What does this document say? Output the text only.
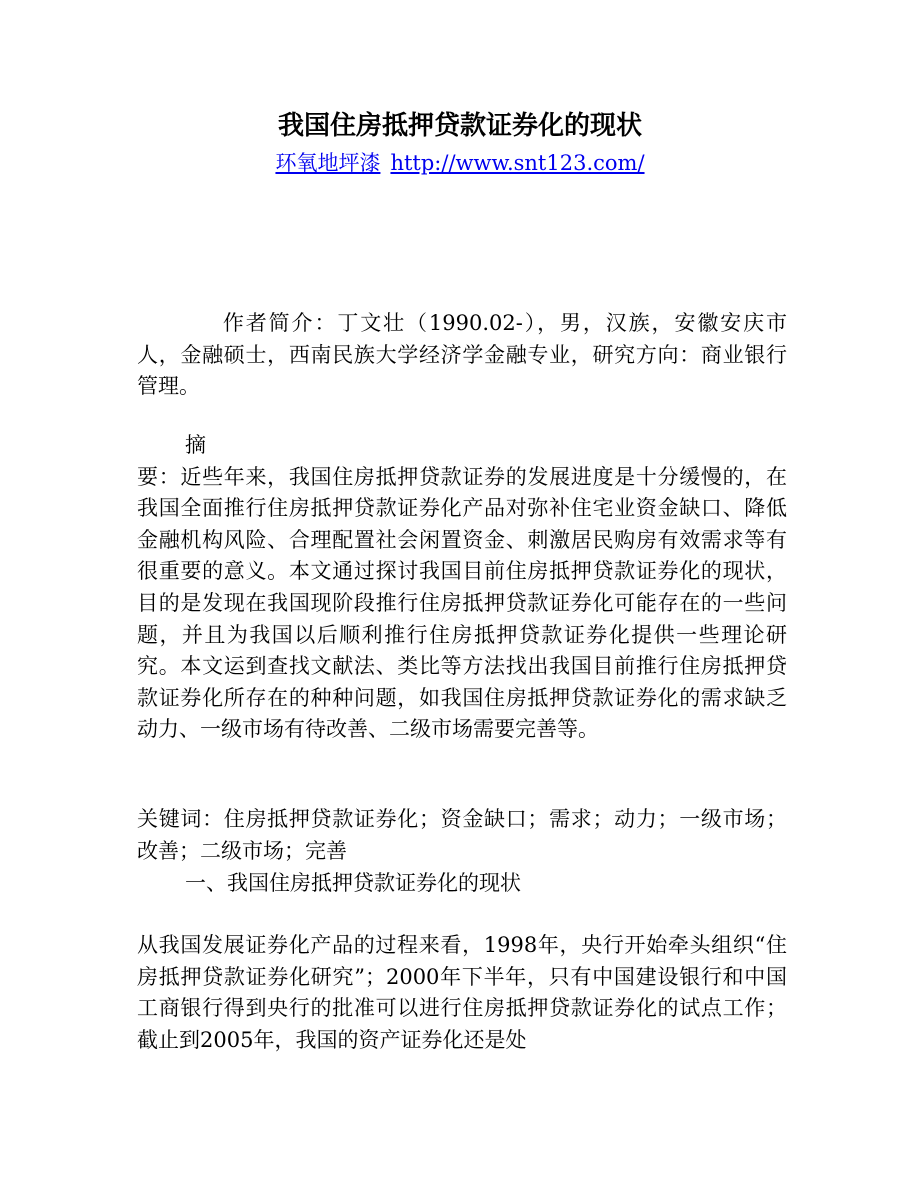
我国住房抵押贷款证券化的现状
环氧地坪漆 http://www.snt123.com/
作者简介：丁文壮（1990.02-），男，汉族，安徽安庆市人，金融硕士，西南民族大学经济学金融专业，研究方向：商业银行管理。
摘
要：近些年来，我国住房抵押贷款证券的发展进度是十分缓慢的，在我国全面推行住房抵押贷款证券化产品对弥补住宅业资金缺口、降低金融机构风险、合理配置社会闲置资金、刺激居民购房有效需求等有很重要的意义。本文通过探讨我国目前住房抵押贷款证券化的现状，目的是发现在我国现阶段推行住房抵押贷款证券化可能存在的一些问题，并且为我国以后顺利推行住房抵押贷款证券化提供一些理论研究。本文运到查找文献法、类比等方法找出我国目前推行住房抵押贷款证券化所存在的种种问题，如我国住房抵押贷款证券化的需求缺乏动力、一级市场有待改善、二级市场需要完善等。
关键词：住房抵押贷款证券化；资金缺口；需求；动力；一级市场；改善；二级市场；完善
一、我国住房抵押贷款证券化的现状
从我国发展证券化产品的过程来看，1998年，央行开始牵头组织“住房抵押贷款证券化研究”；2000年下半年，只有中国建设银行和中国工商银行得到央行的批准可以进行住房抵押贷款证券化的试点工作；截止到2005年，我国的资产证券化还是处
